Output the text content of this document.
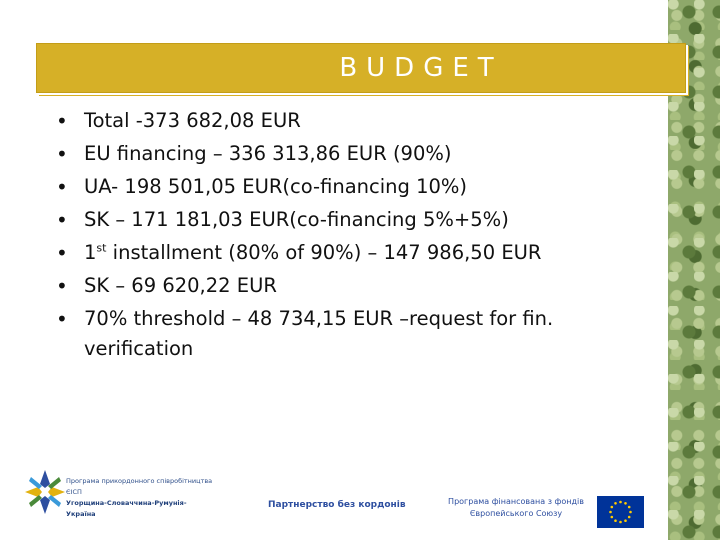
BUDGET
• Total -373 682,08 EUR
• EU financing – 336 313,86 EUR (90%)
• UA- 198 501,05 EUR(co-financing 10%)
• SK – 171 181,03 EUR(co-financing 5%+5%)
• 1st installment (80% of 90%) – 147 986,50 EUR
• SK – 69 620,22 EUR
• 70% threshold – 48 734,15 EUR –request for fin. verification
Програма прикордонного співробітництва ЄІСП
Угорщина-Словаччина-Румунія-Україна
Партнерство без кордонів	Програма фінансована з фондів
Європейського Союзу
